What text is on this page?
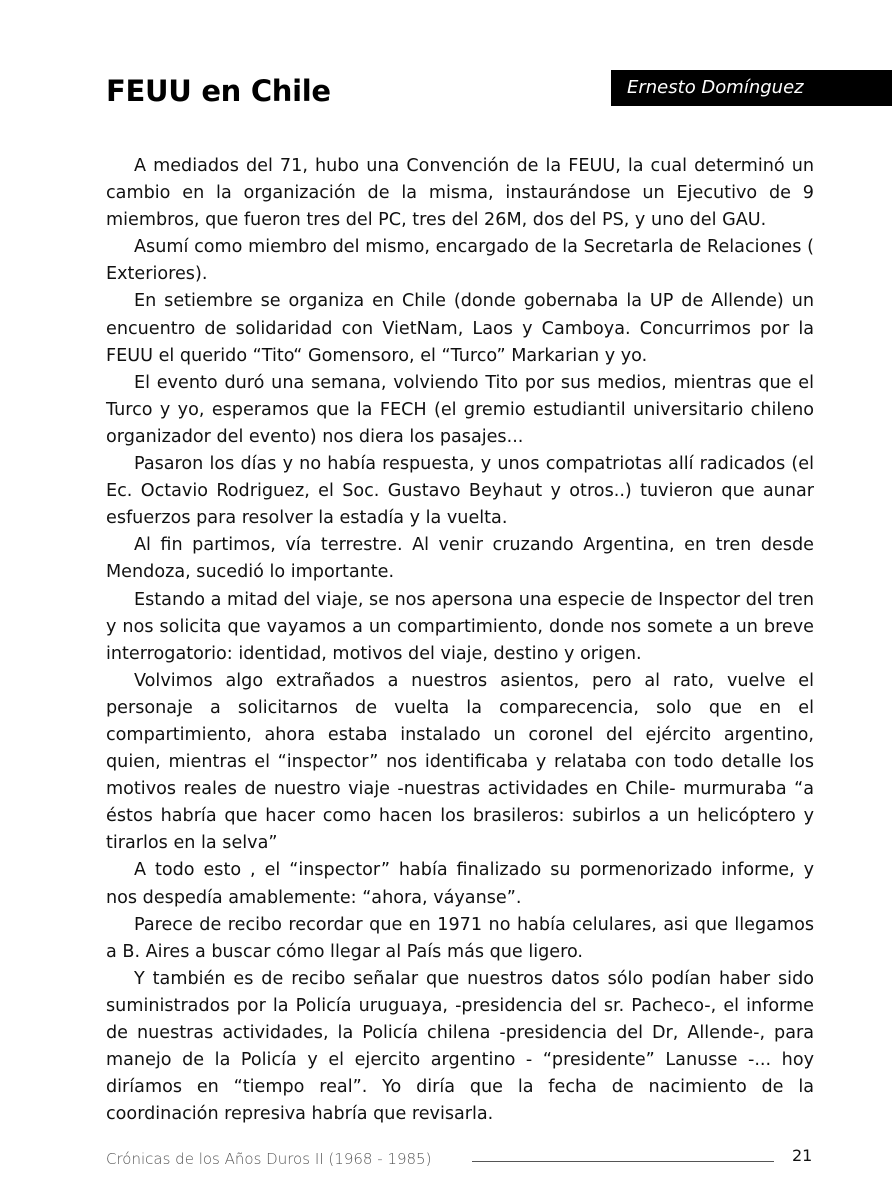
FEUU en Chile	Ernesto Domínguez

A mediados del 71, hubo una Convención de la FEUU, la cual determinó un cambio en la organización de la misma, instaurándose un Ejecutivo de 9 miembros, que fueron tres del PC, tres del 26M, dos del PS, y uno del GAU.

Asumí como miembro del mismo, encargado de la Secretarla de Relaciones ( Exteriores).

En setiembre se organiza en Chile (donde gobernaba la UP de Allende) un encuentro de solidaridad con VietNam, Laos y Camboya. Concurrimos por la FEUU el querido “Tito“ Gomensoro, el “Turco” Markarian y yo.

El evento duró una semana, volviendo Tito por sus medios, mientras que el Turco y yo, esperamos que la FECH (el gremio estudiantil universitario chileno organizador del evento) nos diera los pasajes...

Pasaron los días y no había respuesta, y unos compatriotas allí radicados (el Ec. Octavio Rodriguez, el Soc. Gustavo Beyhaut y otros..) tuvieron que aunar esfuerzos para resolver la estadía y la vuelta.

Al fin partimos, vía terrestre. Al venir cruzando Argentina, en tren desde Mendoza, sucedió lo importante.

Estando a mitad del viaje, se nos apersona una especie de Inspector del tren y nos solicita que vayamos a un compartimiento, donde nos somete a un breve interrogatorio: identidad, motivos del viaje, destino y origen.

Volvimos algo extrañados a nuestros asientos, pero al rato, vuelve el personaje a solicitarnos de vuelta la comparecencia, solo que en el compartimiento, ahora estaba instalado un coronel del ejército argentino, quien, mientras el “inspector” nos identificaba y relataba con todo detalle los motivos reales de nuestro viaje -nuestras actividades en Chile- murmuraba “a éstos habría que hacer como hacen los brasileros: subirlos a un helicóptero y tirarlos en la selva”

A todo esto , el “inspector” había finalizado su pormenorizado informe, y nos despedía amablemente: “ahora, váyanse”.

Parece de recibo recordar que en 1971 no había celulares, asi que llegamos a B. Aires a buscar cómo llegar al País más que ligero.

Y también es de recibo señalar que nuestros datos sólo podían haber sido suministrados por la Policía uruguaya, -presidencia del sr. Pacheco-, el informe de nuestras actividades, la Policía chilena -presidencia del Dr, Allende-, para manejo de la Policía y el ejercito argentino - “presidente” Lanusse -... hoy diríamos en “tiempo real”. Yo diría que la fecha de nacimiento de la coordinación represiva habría que revisarla.

Crónicas de los Años Duros II (1968 - 1985)	21
